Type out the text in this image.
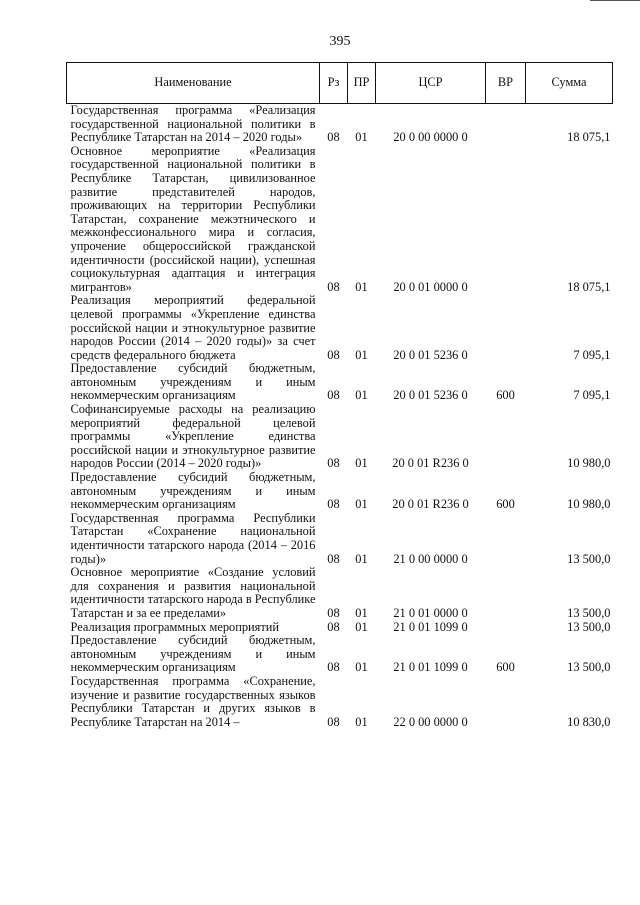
395
Наименование	Рз	ПР	ЦСР	ВР	Сумма
Государственная программа «Реализация государственной национальной политики в Республике Татарстан на 2014 – 2020 годы»	08	01	20 0 00 0000 0		18 075,1
Основное мероприятие «Реализация государственной национальной политики в Республике Татарстан, цивилизованное развитие представителей народов, проживающих на территории Республики Татарстан, сохранение межэтнического и межконфессионального мира и согласия, упрочение общероссийской гражданской идентичности (российской нации), успешная социокультурная адаптация и интеграция мигрантов»	08	01	20 0 01 0000 0		18 075,1
Реализация мероприятий федеральной целевой программы «Укрепление единства российской нации и этнокультурное развитие народов России (2014 – 2020 годы)» за счет средств федерального бюджета	08	01	20 0 01 5236 0		7 095,1
Предоставление субсидий бюджетным, автономным учреждениям и иным некоммерческим организациям	08	01	20 0 01 5236 0	600	7 095,1
Софинансируемые расходы на реализацию мероприятий федеральной целевой программы «Укрепление единства российской нации и этнокультурное развитие народов России (2014 – 2020 годы)»	08	01	20 0 01 R236 0		10 980,0
Предоставление субсидий бюджетным, автономным учреждениям и иным некоммерческим организациям	08	01	20 0 01 R236 0	600	10 980,0
Государственная программа Республики Татарстан «Сохранение национальной идентичности татарского народа (2014 – 2016 годы)»	08	01	21 0 00 0000 0		13 500,0
Основное мероприятие «Создание условий для сохранения и развития национальной идентичности татарского народа в Республике Татарстан и за ее пределами»	08	01	21 0 01 0000 0		13 500,0
Реализация программных мероприятий	08	01	21 0 01 1099 0		13 500,0
Предоставление субсидий бюджетным, автономным учреждениям и иным некоммерческим организациям	08	01	21 0 01 1099 0	600	13 500,0
Государственная программа «Сохранение, изучение и развитие государственных языков Республики Татарстан и других языков в Республике Татарстан на 2014 –	08	01	22 0 00 0000 0		10 830,0
